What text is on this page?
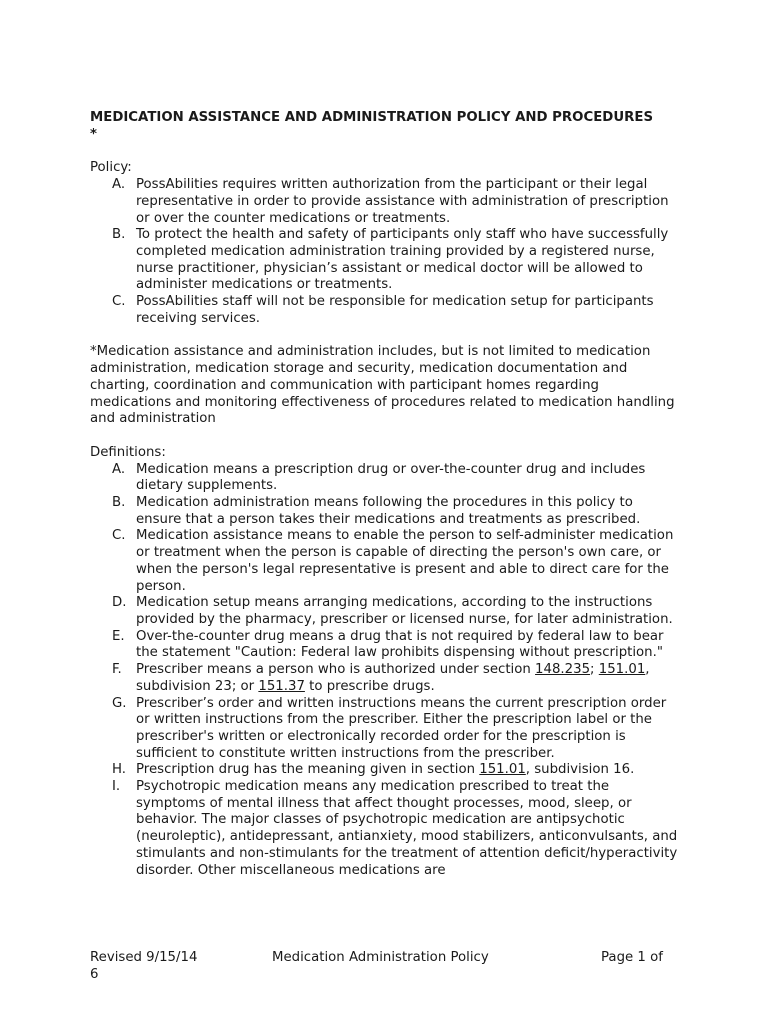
MEDICATION ASSISTANCE AND ADMINISTRATION POLICY AND PROCEDURES
*

Policy:

A. PossAbilities requires written authorization from the participant or their legal representative in order to provide assistance with administration of prescription or over the counter medications or treatments.
B. To protect the health and safety of participants only staff who have successfully completed medication administration training provided by a registered nurse, nurse practitioner, physician’s assistant or medical doctor will be allowed to administer medications or treatments.
C. PossAbilities staff will not be responsible for medication setup for participants receiving services.

*Medication assistance and administration includes, but is not limited to medication administration, medication storage and security, medication documentation and charting, coordination and communication with participant homes regarding medications and monitoring effectiveness of procedures related to medication handling and administration

Definitions:

A. Medication means a prescription drug or over-the-counter drug and includes dietary supplements.
B. Medication administration means following the procedures in this policy to ensure that a person takes their medications and treatments as prescribed.
C. Medication assistance means to enable the person to self-administer medication or treatment when the person is capable of directing the person's own care, or when the person's legal representative is present and able to direct care for the person.
D. Medication setup means arranging medications, according to the instructions provided by the pharmacy, prescriber or licensed nurse, for later administration.
E. Over-the-counter drug means a drug that is not required by federal law to bear the statement "Caution: Federal law prohibits dispensing without prescription."
F. Prescriber means a person who is authorized under section 148.235; 151.01, subdivision 23; or 151.37 to prescribe drugs.
G. Prescriber’s order and written instructions means the current prescription order or written instructions from the prescriber. Either the prescription label or the prescriber's written or electronically recorded order for the prescription is sufficient to constitute written instructions from the prescriber.
H. Prescription drug has the meaning given in section 151.01, subdivision 16.
I. Psychotropic medication means any medication prescribed to treat the symptoms of mental illness that affect thought processes, mood, sleep, or behavior. The major classes of psychotropic medication are antipsychotic (neuroleptic), antidepressant, antianxiety, mood stabilizers, anticonvulsants, and stimulants and non-stimulants for the treatment of attention deficit/hyperactivity disorder. Other miscellaneous medications are
Revised 9/15/14	Medication Administration Policy	Page 1 of
6
